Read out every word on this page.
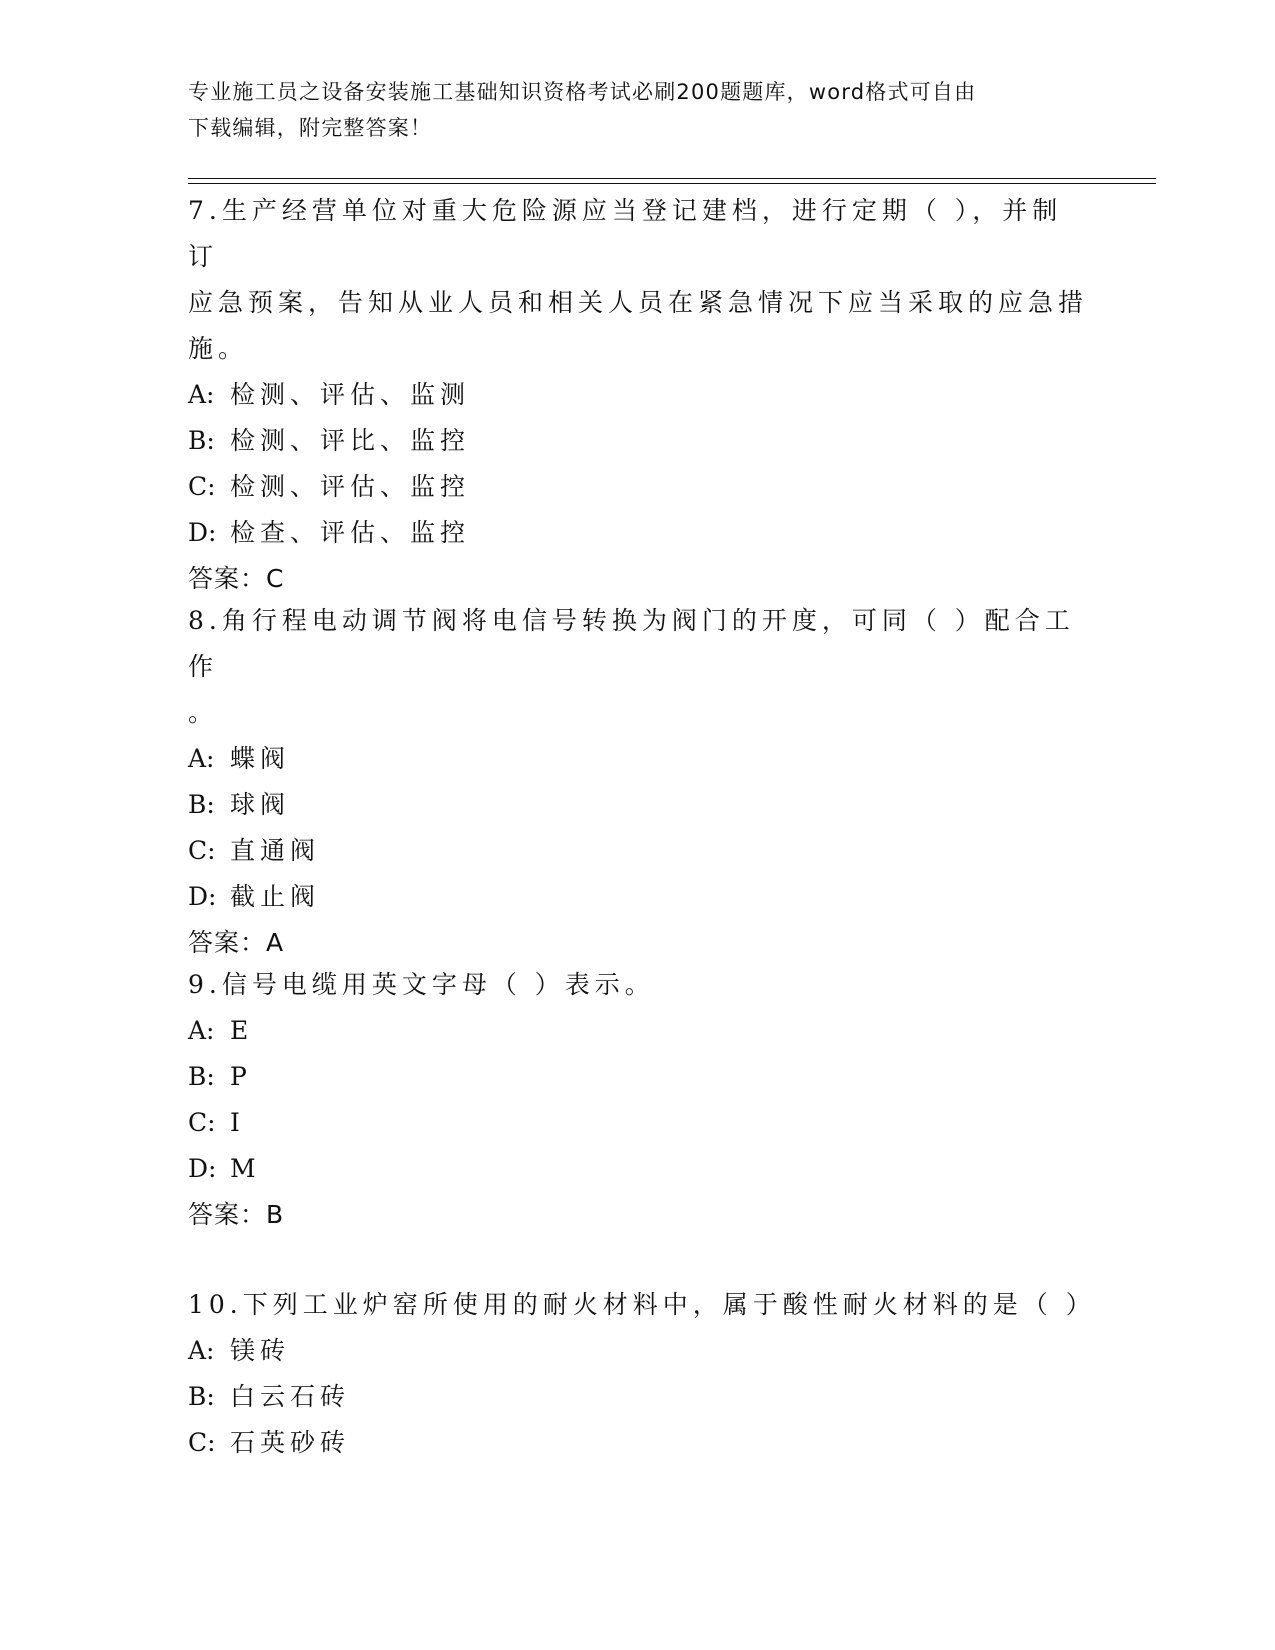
专业施工员之设备安装施工基础知识资格考试必刷200题题库，word格式可自由
下载编辑，附完整答案！

7.生产经营单位对重大危险源应当登记建档，进行定期（ ），并制订

应急预案，告知从业人员和相关人员在紧急情况下应当采取的应急措

施。

A: 检测、评估、监测

B: 检测、评比、监控

C: 检测、评估、监控

D: 检查、评估、监控

答案：C

8.角行程电动调节阀将电信号转换为阀门的开度，可同（ ）配合工作

。

A: 蝶阀

B: 球阀

C: 直通阀

D: 截止阀

答案：A

9.信号电缆用英文字母（ ）表示。

A: E

B: P

C: I

D: M

答案：B

10.下列工业炉窑所使用的耐火材料中，属于酸性耐火材料的是（ ）

A: 镁砖

B: 白云石砖

C: 石英砂砖
